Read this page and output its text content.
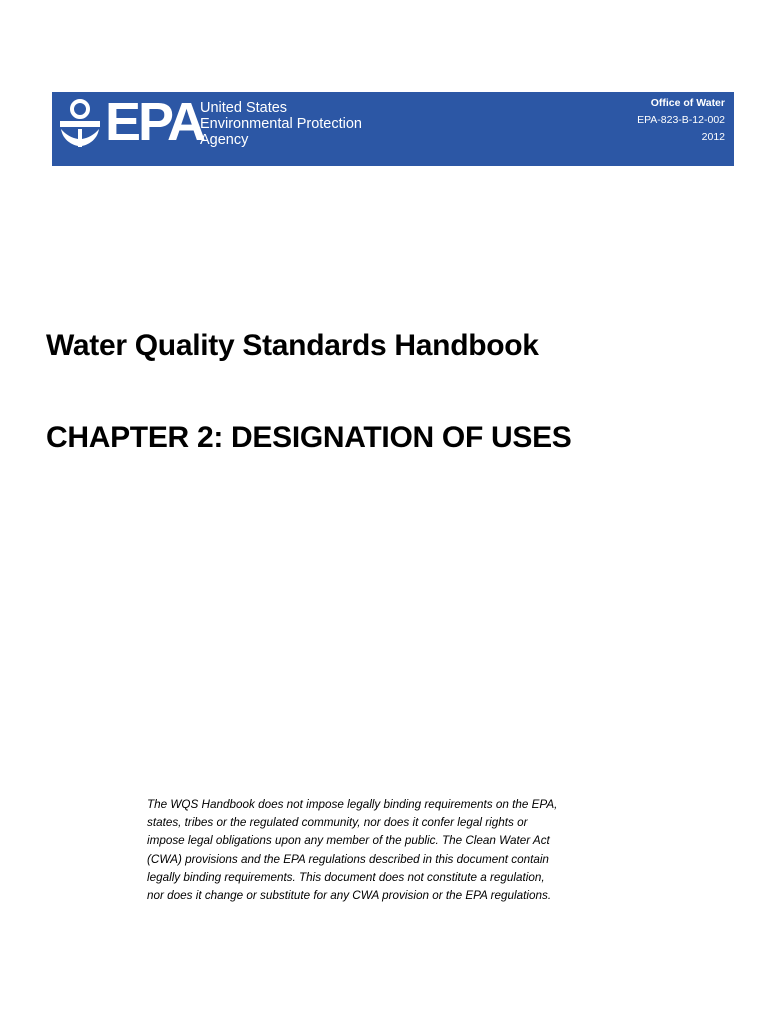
EPA
United States
Environmental Protection
Agency
Office of Water
EPA-823-B-12-002
2012
Water Quality Standards Handbook
CHAPTER 2: DESIGNATION OF USES

The WQS Handbook does not impose legally binding requirements on the EPA,
states, tribes or the regulated community, nor does it confer legal rights or
impose legal obligations upon any member of the public. The Clean Water Act
(CWA) provisions and the EPA regulations described in this document contain
legally binding requirements. This document does not constitute a regulation,
nor does it change or substitute for any CWA provision or the EPA regulations.
